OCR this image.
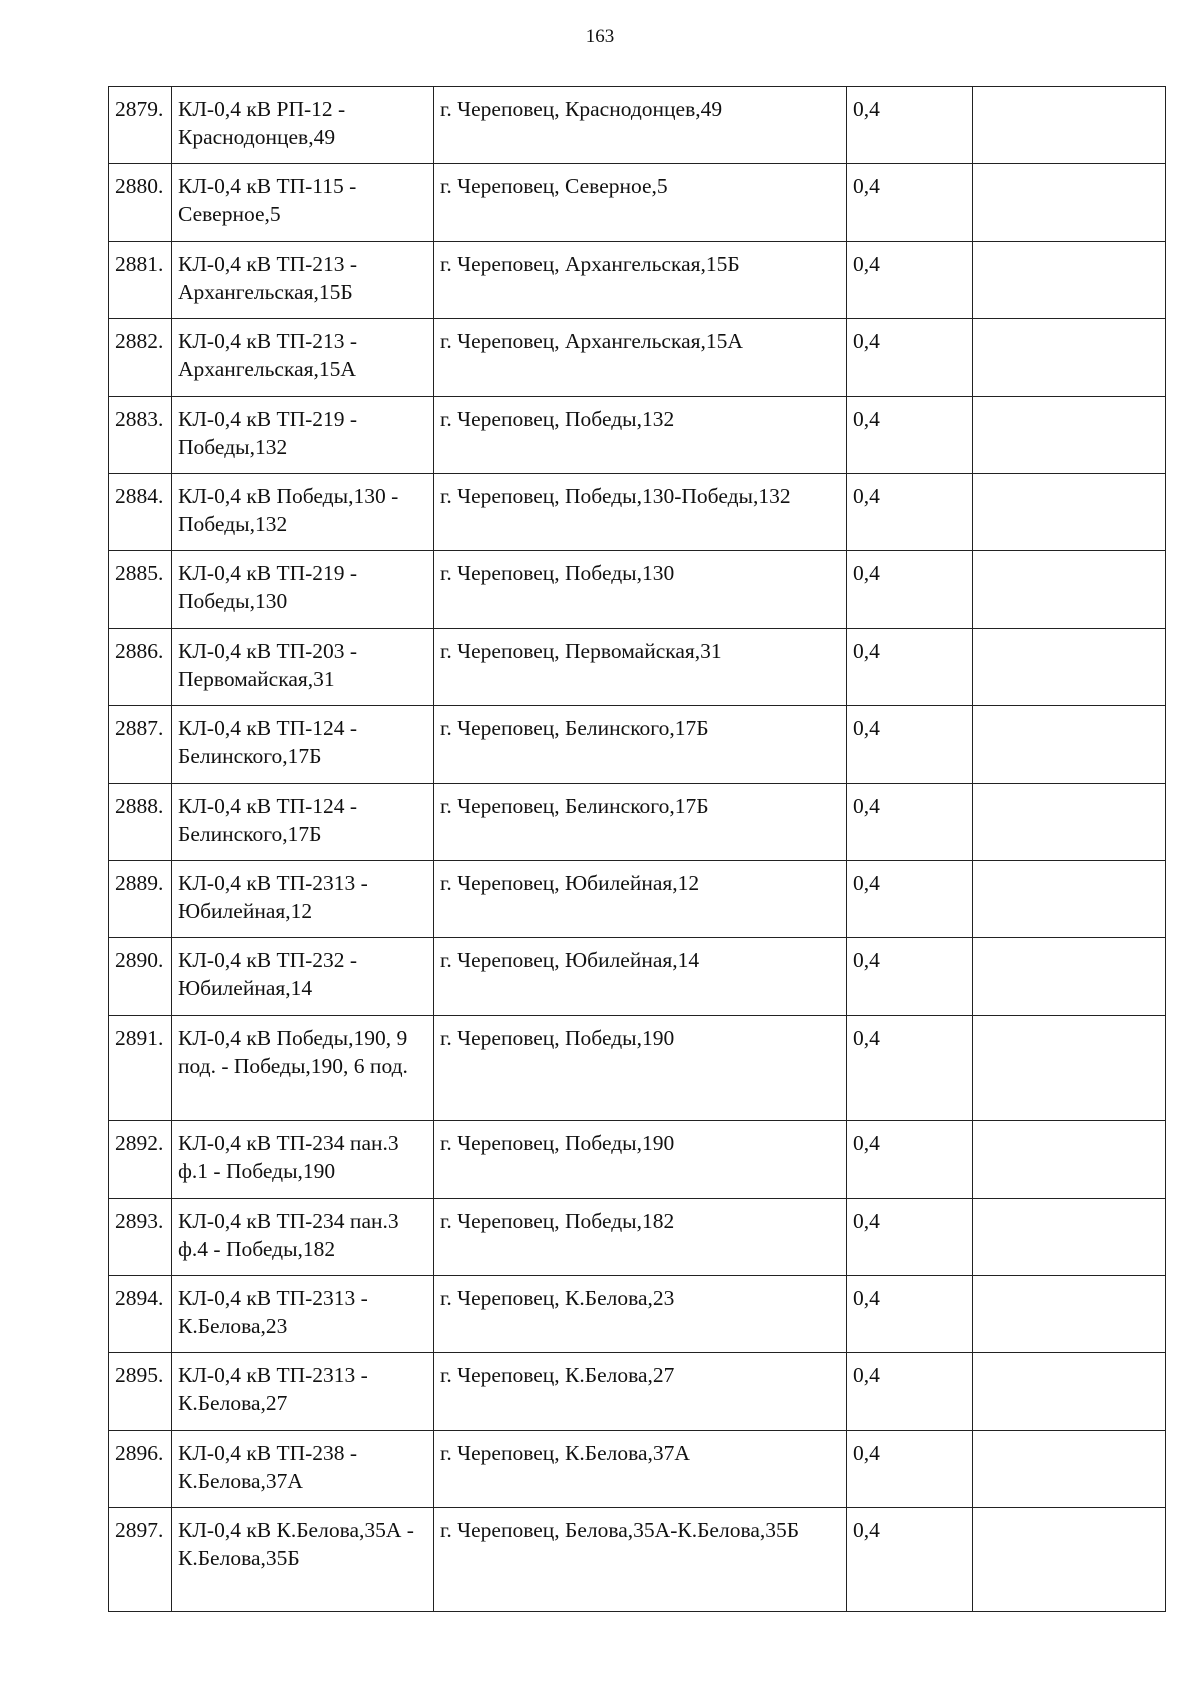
163
2879.	КЛ-0,4 кВ РП-12 - Краснодонцев,49	г. Череповец, Краснодонцев,49	0,4	
2880.	КЛ-0,4 кВ ТП-115 - Северное,5	г. Череповец, Северное,5	0,4	
2881.	КЛ-0,4 кВ ТП-213 - Архангельская,15Б	г. Череповец, Архангельская,15Б	0,4	
2882.	КЛ-0,4 кВ ТП-213 - Архангельская,15А	г. Череповец, Архангельская,15А	0,4	
2883.	КЛ-0,4 кВ ТП-219 - Победы,132	г. Череповец, Победы,132	0,4	
2884.	КЛ-0,4 кВ Победы,130 - Победы,132	г. Череповец, Победы,130-Победы,132	0,4	
2885.	КЛ-0,4 кВ ТП-219 - Победы,130	г. Череповец, Победы,130	0,4	
2886.	КЛ-0,4 кВ ТП-203 - Первомайская,31	г. Череповец, Первомайская,31	0,4	
2887.	КЛ-0,4 кВ ТП-124 - Белинского,17Б	г. Череповец, Белинского,17Б	0,4	
2888.	КЛ-0,4 кВ ТП-124 - Белинского,17Б	г. Череповец, Белинского,17Б	0,4	
2889.	КЛ-0,4 кВ ТП-2313 - Юбилейная,12	г. Череповец, Юбилейная,12	0,4	
2890.	КЛ-0,4 кВ ТП-232 - Юбилейная,14	г. Череповец, Юбилейная,14	0,4	
2891.	КЛ-0,4 кВ Победы,190, 9 под. - Победы,190, 6 под.	г. Череповец, Победы,190	0,4	
2892.	КЛ-0,4 кВ ТП-234 пан.3 ф.1 - Победы,190	г. Череповец, Победы,190	0,4	
2893.	КЛ-0,4 кВ ТП-234 пан.3 ф.4 - Победы,182	г. Череповец, Победы,182	0,4	
2894.	КЛ-0,4 кВ ТП-2313 - К.Белова,23	г. Череповец, К.Белова,23	0,4	
2895.	КЛ-0,4 кВ ТП-2313 - К.Белова,27	г. Череповец, К.Белова,27	0,4	
2896.	КЛ-0,4 кВ ТП-238 - К.Белова,37А	г. Череповец, К.Белова,37А	0,4	
2897.	КЛ-0,4 кВ К.Белова,35А - К.Белова,35Б	г. Череповец, Белова,35А-К.Белова,35Б	0,4	
